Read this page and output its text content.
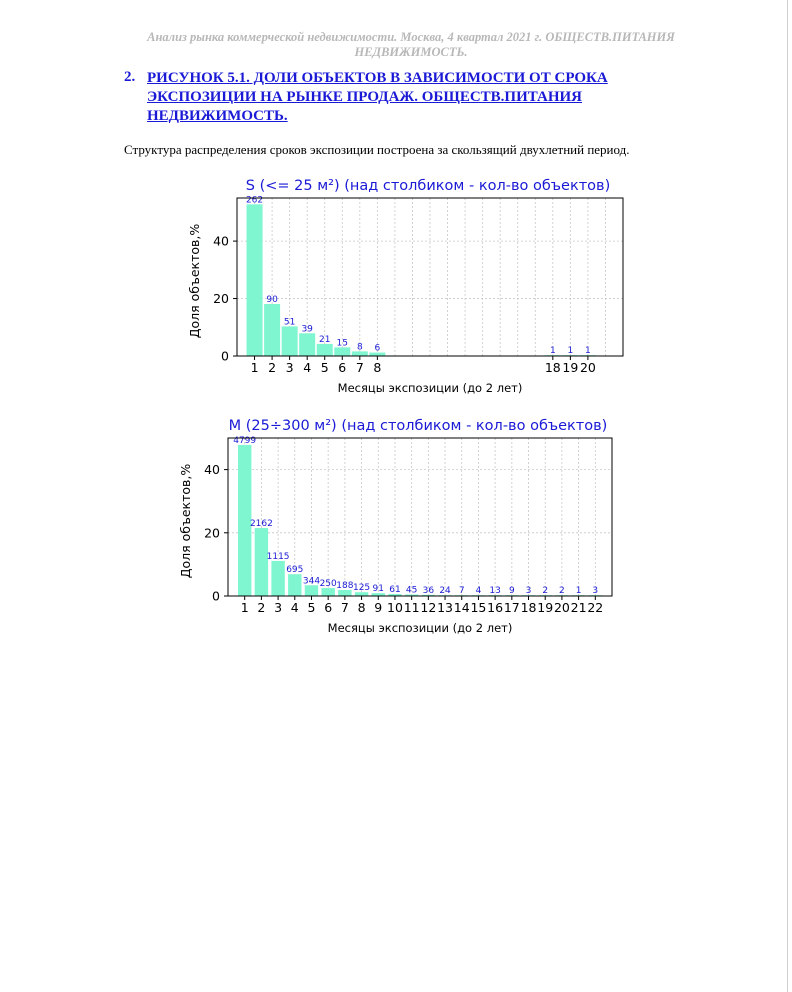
Анализ рынка коммерческой недвижимости. Москва, 4 квартал 2021 г. ОБЩЕСТВ.ПИТАНИЯ НЕДВИЖИМОСТЬ.
2. РИСУНОК 5.1. ДОЛИ ОБЪЕКТОВ В ЗАВИСИМОСТИ ОТ СРОКА ЭКСПОЗИЦИИ НА РЫНКЕ ПРОДАЖ. ОБЩЕСТВ.ПИТАНИЯ НЕДВИЖИМОСТЬ.
Структура распределения сроков экспозиции построена за скользящий двухлетний период.
262
90
51
39
21 15 8 6	1 1 1
1 2 3 4 5 6 7 8	18 19 20
0
20
40
S (<= 25 м²) (над столбиком - кол-во объектов)
Месяцы экспозиции (до 2 лет)
Доля объектов,%
4799
2162
1115
695
344 250 188 125 91 61 45 36 24 7 4 13 9 3 2 2 1 3
1 2 3 4 5 6 7 8 9 10 11 12 13 14 15 16 17 18 19 20 21 22
0
20
40
M (25÷300 м²) (над столбиком - кол-во объектов)
Месяцы экспозиции (до 2 лет)
Доля объектов,%
